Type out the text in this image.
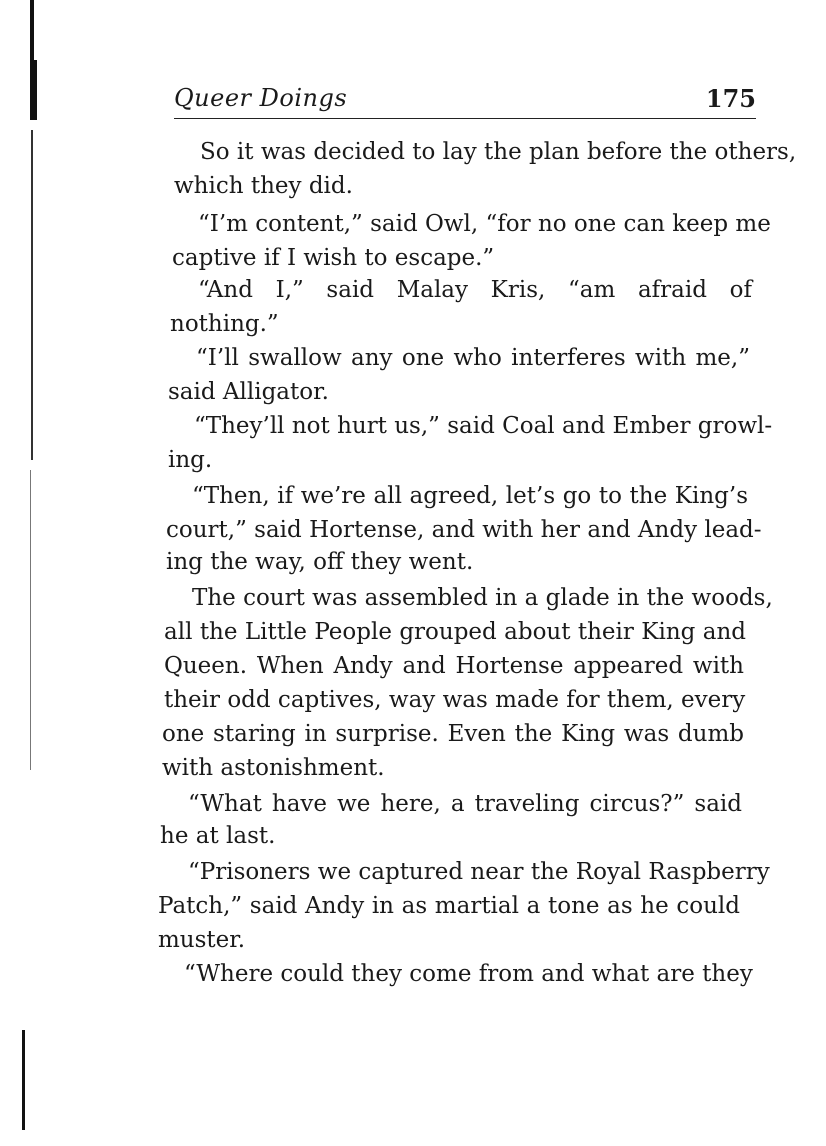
Queer Doings	175
So it was decided to lay the plan before the others,
which they did.
“I’m content,” said Owl, “for no one can keep me
captive if I wish to escape.”
“And I,” said Malay Kris, “am afraid of
nothing.”
“I’ll swallow any one who interferes with me,”
said Alligator.
“They’ll not hurt us,” said Coal and Ember growl-
ing.
“Then, if we’re all agreed, let’s go to the King’s
court,” said Hortense, and with her and Andy lead-
ing the way, off they went.
The court was assembled in a glade in the woods,
all the Little People grouped about their King and
Queen. When Andy and Hortense appeared with
their odd captives, way was made for them, every
one staring in surprise. Even the King was dumb
with astonishment.
“What have we here, a traveling circus?” said
he at last.
“Prisoners we captured near the Royal Raspberry
Patch,” said Andy in as martial a tone as he could
muster.
“Where could they come from and what are they
